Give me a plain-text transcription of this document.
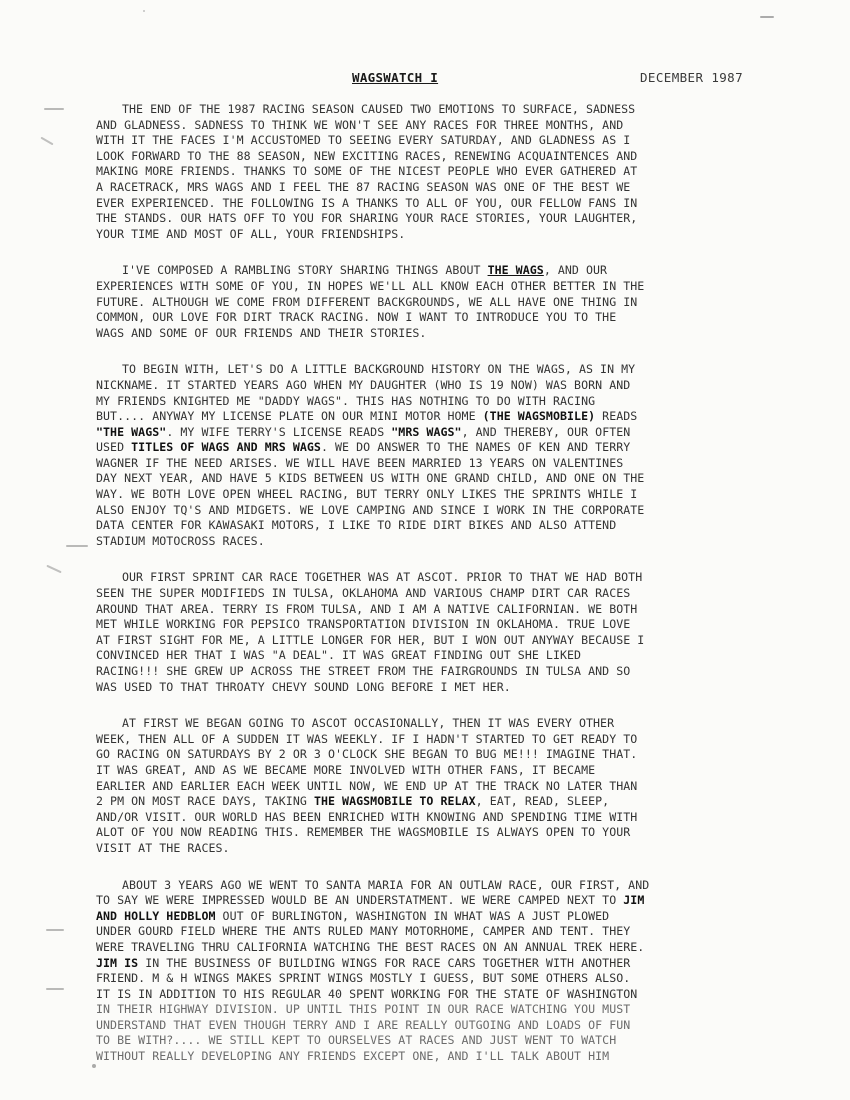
WAGSWATCH I	DECEMBER 1987
THE END OF THE 1987 RACING SEASON CAUSED TWO EMOTIONS TO SURFACE, SADNESS
AND GLADNESS. SADNESS TO THINK WE WON'T SEE ANY RACES FOR THREE MONTHS, AND
WITH IT THE FACES I'M ACCUSTOMED TO SEEING EVERY SATURDAY, AND GLADNESS AS I
LOOK FORWARD TO THE 88 SEASON, NEW EXCITING RACES, RENEWING ACQUAINTENCES AND
MAKING MORE FRIENDS. THANKS TO SOME OF THE NICEST PEOPLE WHO EVER GATHERED AT
A RACETRACK, MRS WAGS AND I FEEL THE 87 RACING SEASON WAS ONE OF THE BEST WE
EVER EXPERIENCED. THE FOLLOWING IS A THANKS TO ALL OF YOU, OUR FELLOW FANS IN
THE STANDS. OUR HATS OFF TO YOU FOR SHARING YOUR RACE STORIES, YOUR LAUGHTER,
YOUR TIME AND MOST OF ALL, YOUR FRIENDSHIPS.
I'VE COMPOSED A RAMBLING STORY SHARING THINGS ABOUT THE WAGS, AND OUR
EXPERIENCES WITH SOME OF YOU, IN HOPES WE'LL ALL KNOW EACH OTHER BETTER IN THE
FUTURE. ALTHOUGH WE COME FROM DIFFERENT BACKGROUNDS, WE ALL HAVE ONE THING IN
COMMON, OUR LOVE FOR DIRT TRACK RACING. NOW I WANT TO INTRODUCE YOU TO THE
WAGS AND SOME OF OUR FRIENDS AND THEIR STORIES.
TO BEGIN WITH, LET'S DO A LITTLE BACKGROUND HISTORY ON THE WAGS, AS IN MY
NICKNAME. IT STARTED YEARS AGO WHEN MY DAUGHTER (WHO IS 19 NOW) WAS BORN AND
MY FRIENDS KNIGHTED ME "DADDY WAGS". THIS HAS NOTHING TO DO WITH RACING
BUT.... ANYWAY MY LICENSE PLATE ON OUR MINI MOTOR HOME (THE WAGSMOBILE) READS
"THE WAGS". MY WIFE TERRY'S LICENSE READS "MRS WAGS", AND THEREBY, OUR OFTEN
USED TITLES OF WAGS AND MRS WAGS. WE DO ANSWER TO THE NAMES OF KEN AND TERRY
WAGNER IF THE NEED ARISES. WE WILL HAVE BEEN MARRIED 13 YEARS ON VALENTINES
DAY NEXT YEAR, AND HAVE 5 KIDS BETWEEN US WITH ONE GRAND CHILD, AND ONE ON THE
WAY. WE BOTH LOVE OPEN WHEEL RACING, BUT TERRY ONLY LIKES THE SPRINTS WHILE I
ALSO ENJOY TQ'S AND MIDGETS. WE LOVE CAMPING AND SINCE I WORK IN THE CORPORATE
DATA CENTER FOR KAWASAKI MOTORS, I LIKE TO RIDE DIRT BIKES AND ALSO ATTEND
STADIUM MOTOCROSS RACES.
OUR FIRST SPRINT CAR RACE TOGETHER WAS AT ASCOT. PRIOR TO THAT WE HAD BOTH
SEEN THE SUPER MODIFIEDS IN TULSA, OKLAHOMA AND VARIOUS CHAMP DIRT CAR RACES
AROUND THAT AREA. TERRY IS FROM TULSA, AND I AM A NATIVE CALIFORNIAN. WE BOTH
MET WHILE WORKING FOR PEPSICO TRANSPORTATION DIVISION IN OKLAHOMA. TRUE LOVE
AT FIRST SIGHT FOR ME, A LITTLE LONGER FOR HER, BUT I WON OUT ANYWAY BECAUSE I
CONVINCED HER THAT I WAS "A DEAL". IT WAS GREAT FINDING OUT SHE LIKED
RACING!!! SHE GREW UP ACROSS THE STREET FROM THE FAIRGROUNDS IN TULSA AND SO
WAS USED TO THAT THROATY CHEVY SOUND LONG BEFORE I MET HER.
AT FIRST WE BEGAN GOING TO ASCOT OCCASIONALLY, THEN IT WAS EVERY OTHER
WEEK, THEN ALL OF A SUDDEN IT WAS WEEKLY. IF I HADN'T STARTED TO GET READY TO
GO RACING ON SATURDAYS BY 2 OR 3 O'CLOCK SHE BEGAN TO BUG ME!!! IMAGINE THAT.
IT WAS GREAT, AND AS WE BECAME MORE INVOLVED WITH OTHER FANS, IT BECAME
EARLIER AND EARLIER EACH WEEK UNTIL NOW, WE END UP AT THE TRACK NO LATER THAN
2 PM ON MOST RACE DAYS, TAKING THE WAGSMOBILE TO RELAX, EAT, READ, SLEEP,
AND/OR VISIT. OUR WORLD HAS BEEN ENRICHED WITH KNOWING AND SPENDING TIME WITH
ALOT OF YOU NOW READING THIS. REMEMBER THE WAGSMOBILE IS ALWAYS OPEN TO YOUR
VISIT AT THE RACES.
ABOUT 3 YEARS AGO WE WENT TO SANTA MARIA FOR AN OUTLAW RACE, OUR FIRST, AND
TO SAY WE WERE IMPRESSED WOULD BE AN UNDERSTATMENT. WE WERE CAMPED NEXT TO JIM
AND HOLLY HEDBLOM OUT OF BURLINGTON, WASHINGTON IN WHAT WAS A JUST PLOWED
UNDER GOURD FIELD WHERE THE ANTS RULED MANY MOTORHOME, CAMPER AND TENT. THEY
WERE TRAVELING THRU CALIFORNIA WATCHING THE BEST RACES ON AN ANNUAL TREK HERE.
JIM IS IN THE BUSINESS OF BUILDING WINGS FOR RACE CARS TOGETHER WITH ANOTHER
FRIEND. M & H WINGS MAKES SPRINT WINGS MOSTLY I GUESS, BUT SOME OTHERS ALSO.
IT IS IN ADDITION TO HIS REGULAR 40 SPENT WORKING FOR THE STATE OF WASHINGTON
IN THEIR HIGHWAY DIVISION. UP UNTIL THIS POINT IN OUR RACE WATCHING YOU MUST
UNDERSTAND THAT EVEN THOUGH TERRY AND I ARE REALLY OUTGOING AND LOADS OF FUN
TO BE WITH?.... WE STILL KEPT TO OURSELVES AT RACES AND JUST WENT TO WATCH
WITHOUT REALLY DEVELOPING ANY FRIENDS EXCEPT ONE, AND I'LL TALK ABOUT HIM
